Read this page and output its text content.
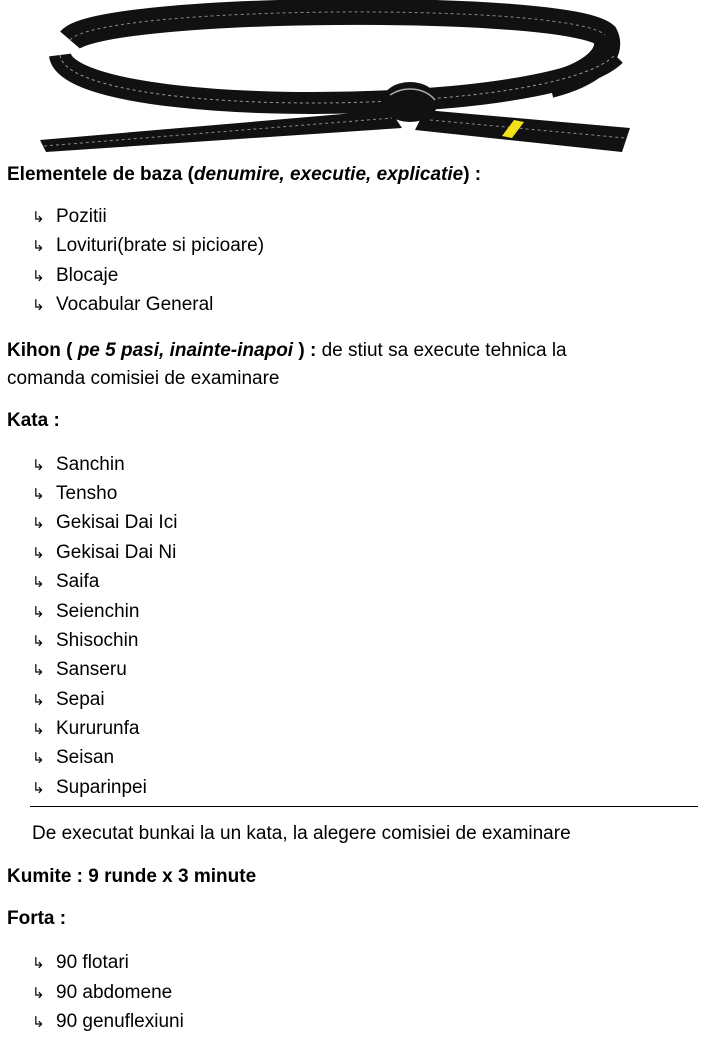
Elementele de baza (denumire, executie, explicatie) :
↳ Pozitii
↳ Lovituri(brate si picioare)
↳ Blocaje
↳ Vocabular General
Kihon ( pe 5 pasi, inainte-inapoi ) : de stiut sa execute tehnica la
comanda comisiei de examinare
Kata :
↳ Sanchin
↳ Tensho
↳ Gekisai Dai Ici
↳ Gekisai Dai Ni
↳ Saifa
↳ Seienchin
↳ Shisochin
↳ Sanseru
↳ Sepai
↳ Kururunfa
↳ Seisan
↳ Suparinpei
De executat bunkai la un kata, la alegere comisiei de examinare
Kumite : 9 runde x 3 minute
Forta :
↳ 90 flotari
↳ 90 abdomene
↳ 90 genuflexiuni
